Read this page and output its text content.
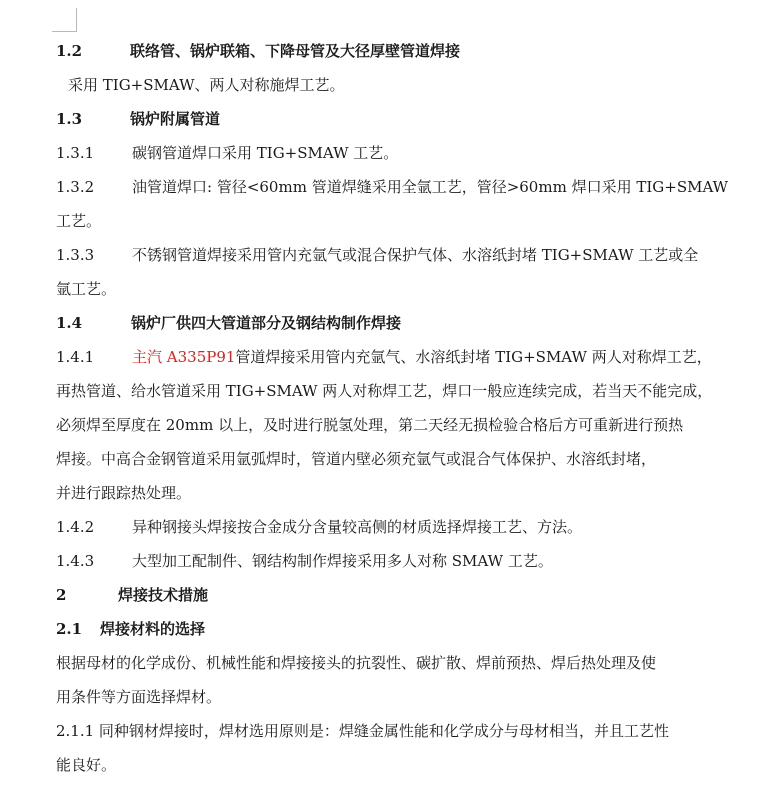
1.2	联络管、锅炉联箱、下降母管及大径厚壁管道焊接
采用 TIG+SMAW、两人对称施焊工艺。
1.3	锅炉附属管道
1.3.1	碳钢管道焊口采用 TIG+SMAW 工艺。
1.3.2	油管道焊口: 管径<60mm 管道焊缝采用全氩工艺，管径>60mm 焊口采用 TIG+SMAW
工艺。
1.3.3	不锈钢管道焊接采用管内充氩气或混合保护气体、水溶纸封堵 TIG+SMAW 工艺或全
氩工艺。
1.4	锅炉厂供四大管道部分及钢结构制作焊接
1.4.1	主汽 A335P91管道焊接采用管内充氩气、水溶纸封堵 TIG+SMAW 两人对称焊工艺，
再热管道、给水管道采用 TIG+SMAW 两人对称焊工艺，焊口一般应连续完成，若当天不能完成，
必须焊至厚度在 20mm 以上，及时进行脱氢处理，第二天经无损检验合格后方可重新进行预热
焊接。中高合金钢管道采用氩弧焊时，管道内壁必须充氩气或混合气体保护、水溶纸封堵，
并进行跟踪热处理。
1.4.2	异种钢接头焊接按合金成分含量较高侧的材质选择焊接工艺、方法。
1.4.3	大型加工配制件、钢结构制作焊接采用多人对称 SMAW 工艺。
2	焊接技术措施
2.1 焊接材料的选择
根据母材的化学成份、机械性能和焊接接头的抗裂性、碳扩散、焊前预热、焊后热处理及使
用条件等方面选择焊材。
2.1.1 同种钢材焊接时，焊材选用原则是：焊缝金属性能和化学成分与母材相当，并且工艺性
能良好。
